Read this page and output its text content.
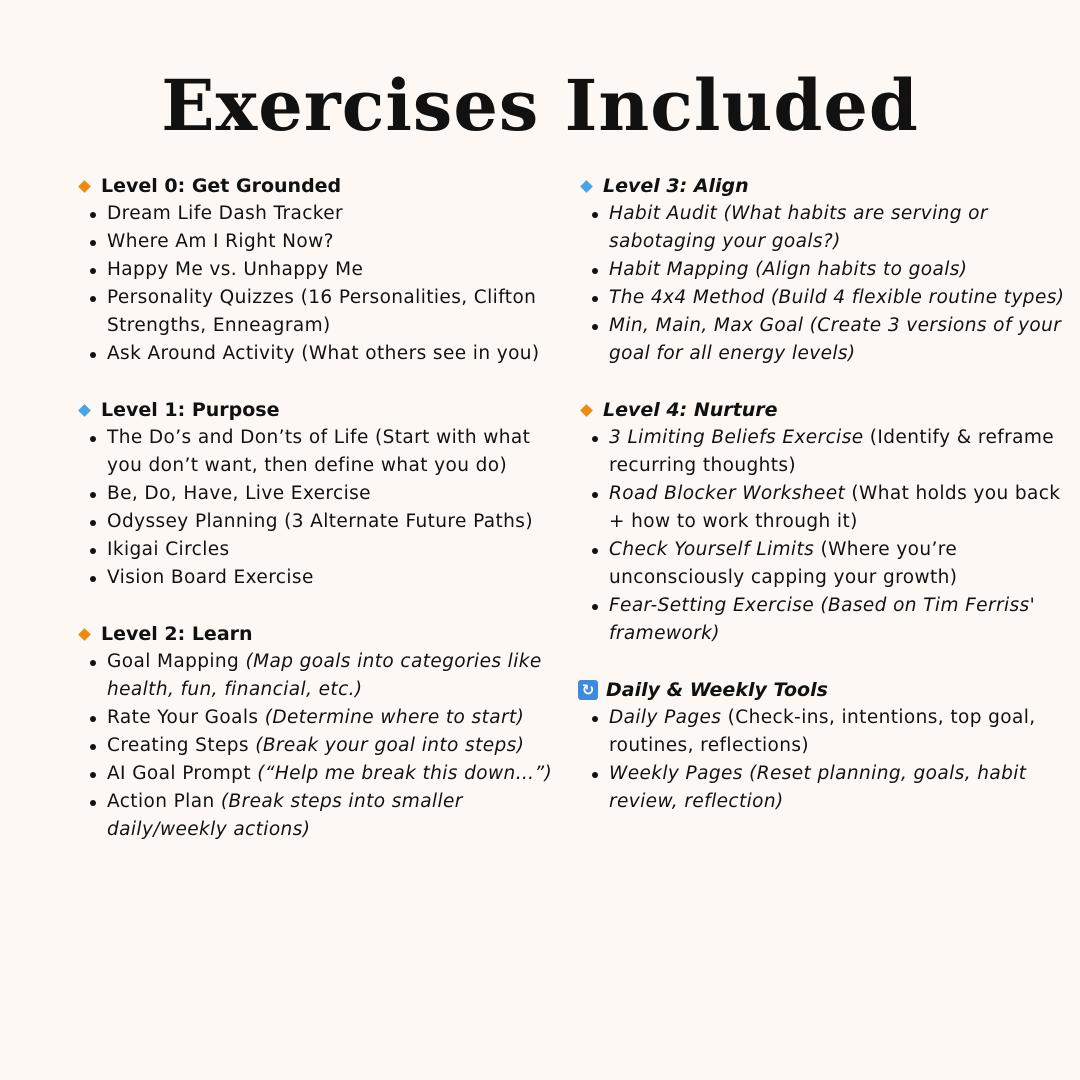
Exercises Included
Level 0: Get Grounded
Dream Life Dash Tracker
Where Am I Right Now?
Happy Me vs. Unhappy Me
Personality Quizzes (16 Personalities, Clifton Strengths, Enneagram)
Ask Around Activity (What others see in you)
Level 1: Purpose
The Do’s and Don’ts of Life (Start with what you don’t want, then define what you do)
Be, Do, Have, Live Exercise
Odyssey Planning (3 Alternate Future Paths)
Ikigai Circles
Vision Board Exercise
Level 2: Learn
Goal Mapping (Map goals into categories like health, fun, financial, etc.)
Rate Your Goals (Determine where to start)
Creating Steps (Break your goal into steps)
AI Goal Prompt (“Help me break this down…”)
Action Plan (Break steps into smaller daily/weekly actions)
Level 3: Align
Habit Audit (What habits are serving or sabotaging your goals?)
Habit Mapping (Align habits to goals)
The 4x4 Method (Build 4 flexible routine types)
Min, Main, Max Goal (Create 3 versions of your goal for all energy levels)
Level 4: Nurture
3 Limiting Beliefs Exercise (Identify & reframe recurring thoughts)
Road Blocker Worksheet (What holds you back + how to work through it)
Check Yourself Limits (Where you’re unconsciously capping your growth)
Fear-Setting Exercise (Based on Tim Ferriss' framework)
↻ Daily & Weekly Tools
Daily Pages (Check-ins, intentions, top goal, routines, reflections)
Weekly Pages (Reset planning, goals, habit review, reflection)
